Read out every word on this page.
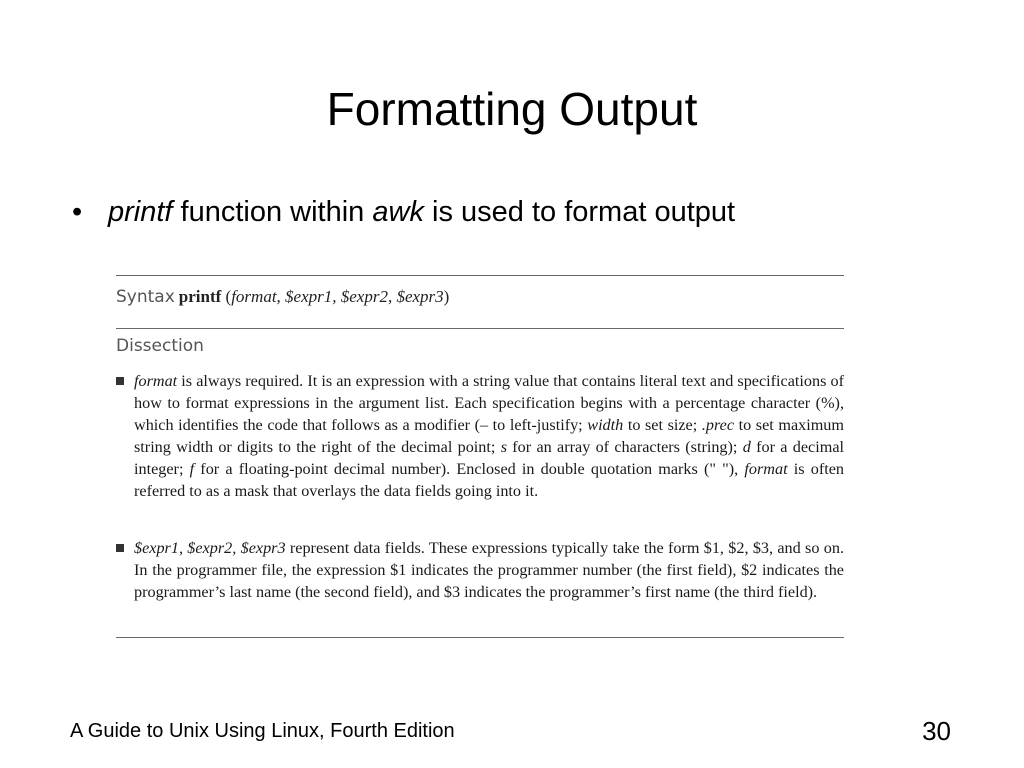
Formatting Output
• printf function within awk is used to format output
Syntax printf (format, $expr1, $expr2, $expr3)
Dissection
format is always required. It is an expression with a string value that contains literal text and specifications of how to format expressions in the argument list. Each specification begins with a percentage character (%), which identifies the code that follows as a modifier (– to left-justify; width to set size; .prec to set maximum string width or digits to the right of the decimal point; s for an array of characters (string); d for a decimal integer; f for a floating-point decimal number). Enclosed in double quotation marks (" "), format is often referred to as a mask that overlays the data fields going into it.
$expr1, $expr2, $expr3 represent data fields. These expressions typically take the form $1, $2, $3, and so on. In the programmer file, the expression $1 indicates the programmer number (the first field), $2 indicates the programmer’s last name (the second field), and $3 indicates the programmer’s first name (the third field).
A Guide to Unix Using Linux, Fourth Edition	30
